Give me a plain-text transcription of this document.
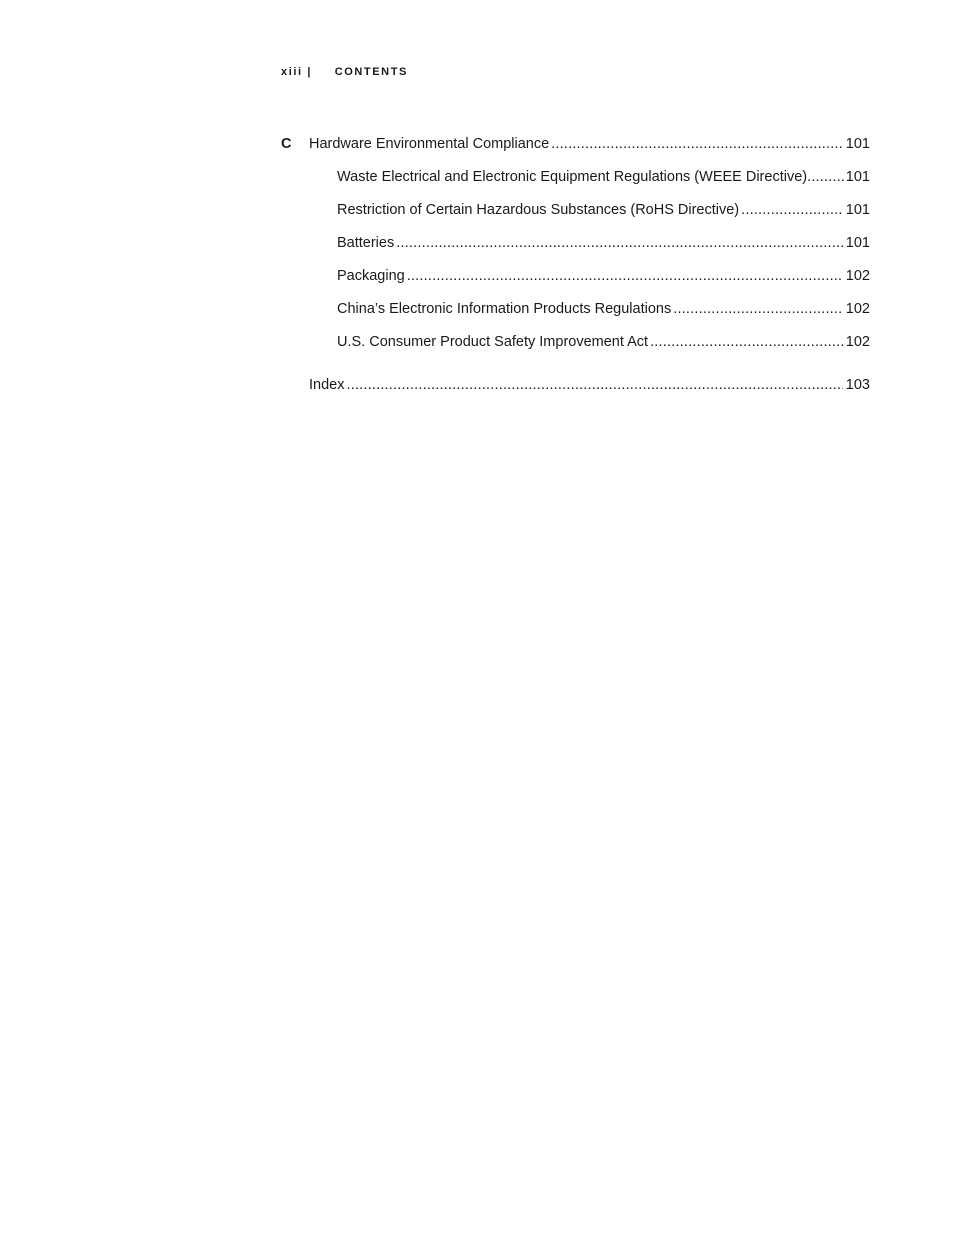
xiii | CONTENTS
C	Hardware Environmental Compliance .....	101
Waste Electrical and Electronic Equipment Regulations (WEEE Directive) .....	101
Restriction of Certain Hazardous Substances (RoHS Directive) .....	101
Batteries .....	101
Packaging .....	102
China’s Electronic Information Products Regulations .....	102
U.S. Consumer Product Safety Improvement Act .....	102
Index .....	103
